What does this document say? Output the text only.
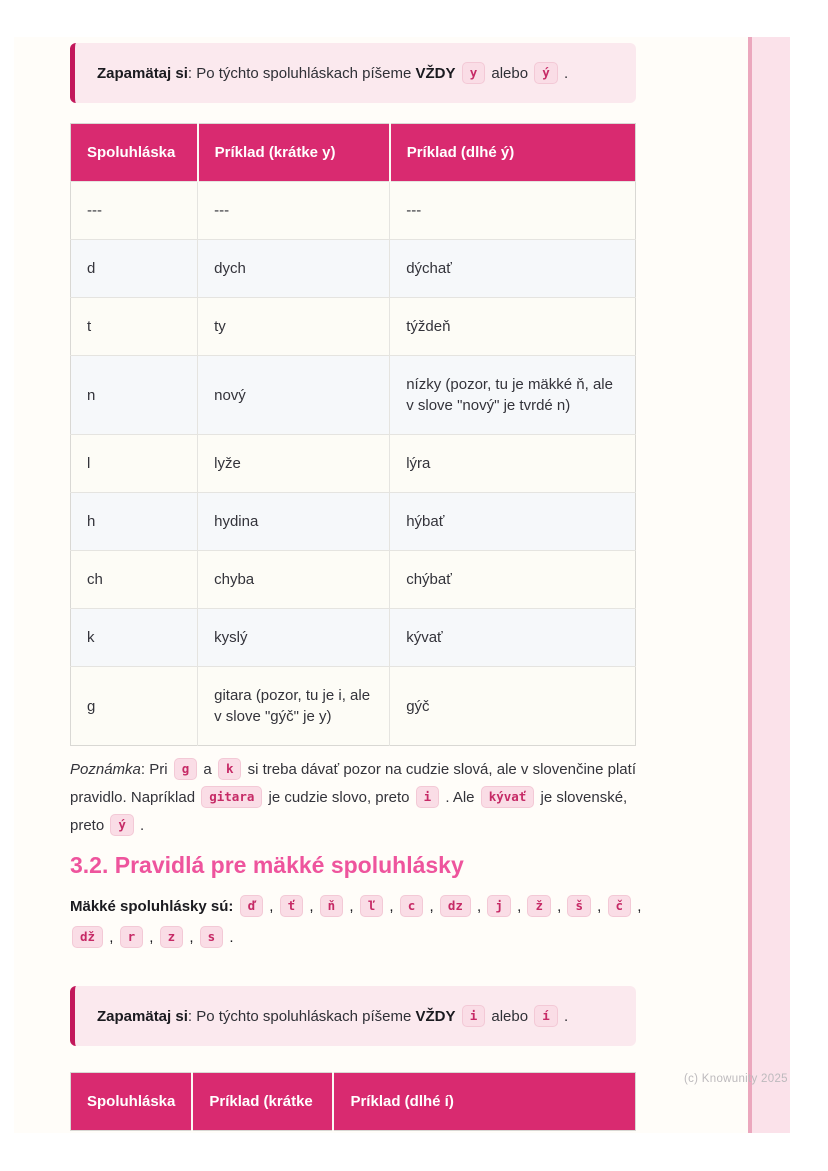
Zapamätaj si: Po týchto spoluhláskach píšeme VŽDY y alebo ý .

Spoluhláska	Príklad (krátke y)	Príklad (dlhé ý)
---	---	---
d	dych	dýchať
t	ty	týždeň
n	nový	nízky (pozor, tu je mäkké ň, ale v slove "nový" je tvrdé n)
l	lyže	lýra
h	hydina	hýbať
ch	chyba	chýbať
k	kyslý	kývať
g	gitara (pozor, tu je i, ale v slove "gýč" je y)	gýč

Poznámka: Pri g a k si treba dávať pozor na cudzie slová, ale v slovenčine platí pravidlo. Napríklad gitara je cudzie slovo, preto i . Ale kývať je slovenské, preto ý .

3.2. Pravidlá pre mäkké spoluhlásky

Mäkké spoluhlásky sú: ď , ť , ň , ľ , c , dz , j , ž , š , č , dž , r , z , s .

Zapamätaj si: Po týchto spoluhláskach píšeme VŽDY i alebo í .

Spoluhláska	Príklad (krátke	Príklad (dlhé í)
(c) Knowunity 2025
